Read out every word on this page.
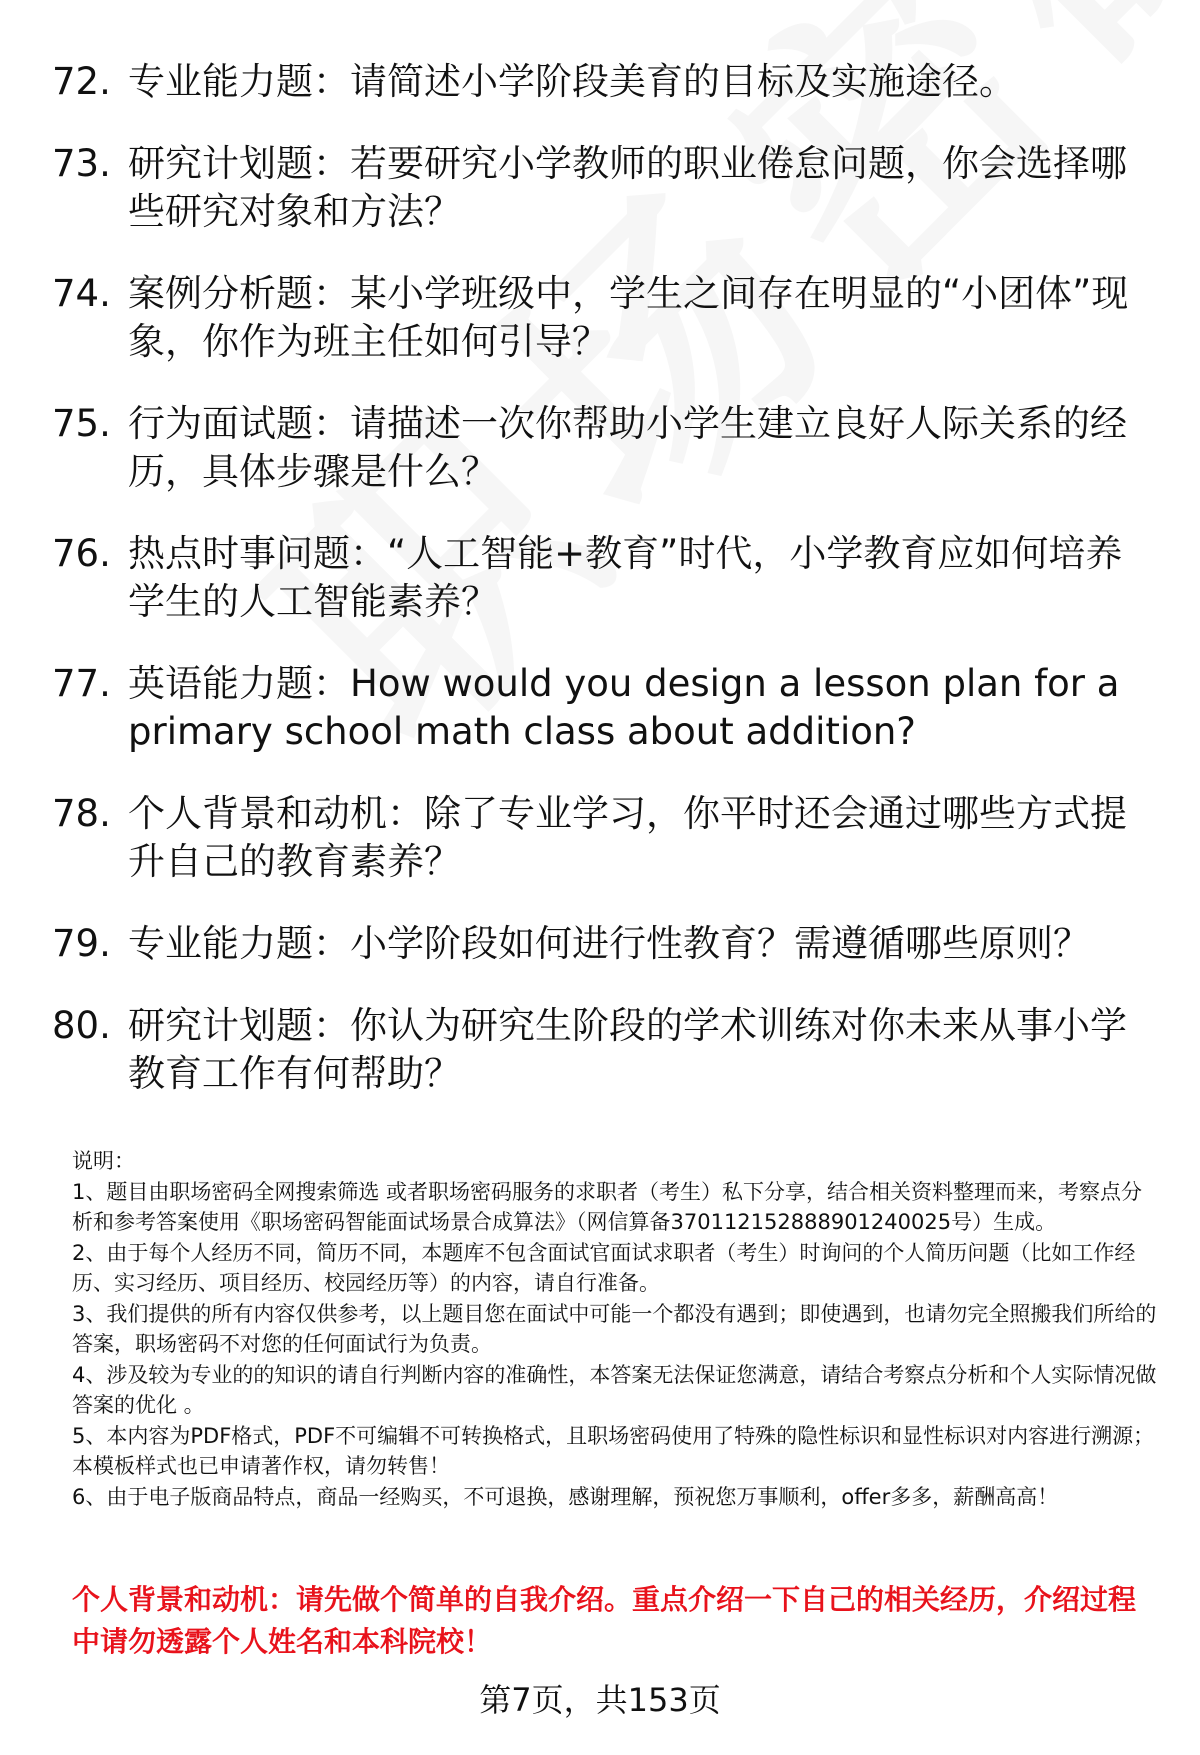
72. 专业能力题：请简述小学阶段美育的目标及实施途径。
73. 研究计划题：若要研究小学教师的职业倦怠问题，你会选择哪些研究对象和方法？
74. 案例分析题：某小学班级中，学生之间存在明显的“小团体”现象，你作为班主任如何引导？
75. 行为面试题：请描述一次你帮助小学生建立良好人际关系的经历，具体步骤是什么？
76. 热点时事问题：“人工智能+教育”时代，小学教育应如何培养学生的人工智能素养？
77. 英语能力题：How would you design a lesson plan for a primary school math class about addition?
78. 个人背景和动机：除了专业学习，你平时还会通过哪些方式提升自己的教育素养？
79. 专业能力题：小学阶段如何进行性教育？需遵循哪些原则？
80. 研究计划题：你认为研究生阶段的学术训练对你未来从事小学教育工作有何帮助？

说明：

1、题目由职场密码全网搜索筛选 或者职场密码服务的求职者（考生）私下分享，结合相关资料整理而来，考察点分析和参考答案使用《职场密码智能面试场景合成算法》（网信算备370112152888901240025号）生成。

2、由于每个人经历不同，简历不同，本题库不包含面试官面试求职者（考生）时询问的个人简历问题（比如工作经历、实习经历、项目经历、校园经历等）的内容，请自行准备。

3、我们提供的所有内容仅供参考，以上题目您在面试中可能一个都没有遇到；即使遇到，也请勿完全照搬我们所给的答案，职场密码不对您的任何面试行为负责。

4、涉及较为专业的的知识的请自行判断内容的准确性，本答案无法保证您满意，请结合考察点分析和个人实际情况做答案的优化 。

5、本内容为PDF格式，PDF不可编辑不可转换格式，且职场密码使用了特殊的隐性标识和显性标识对内容进行溯源；本模板样式也已申请著作权，请勿转售！

6、由于电子版商品特点，商品一经购买，不可退换，感谢理解，预祝您万事顺利，offer多多，薪酬高高！

个人背景和动机：请先做个简单的自我介绍。重点介绍一下自己的相关经历，介绍过程中请勿透露个人姓名和本科院校！
第7页，共153页
